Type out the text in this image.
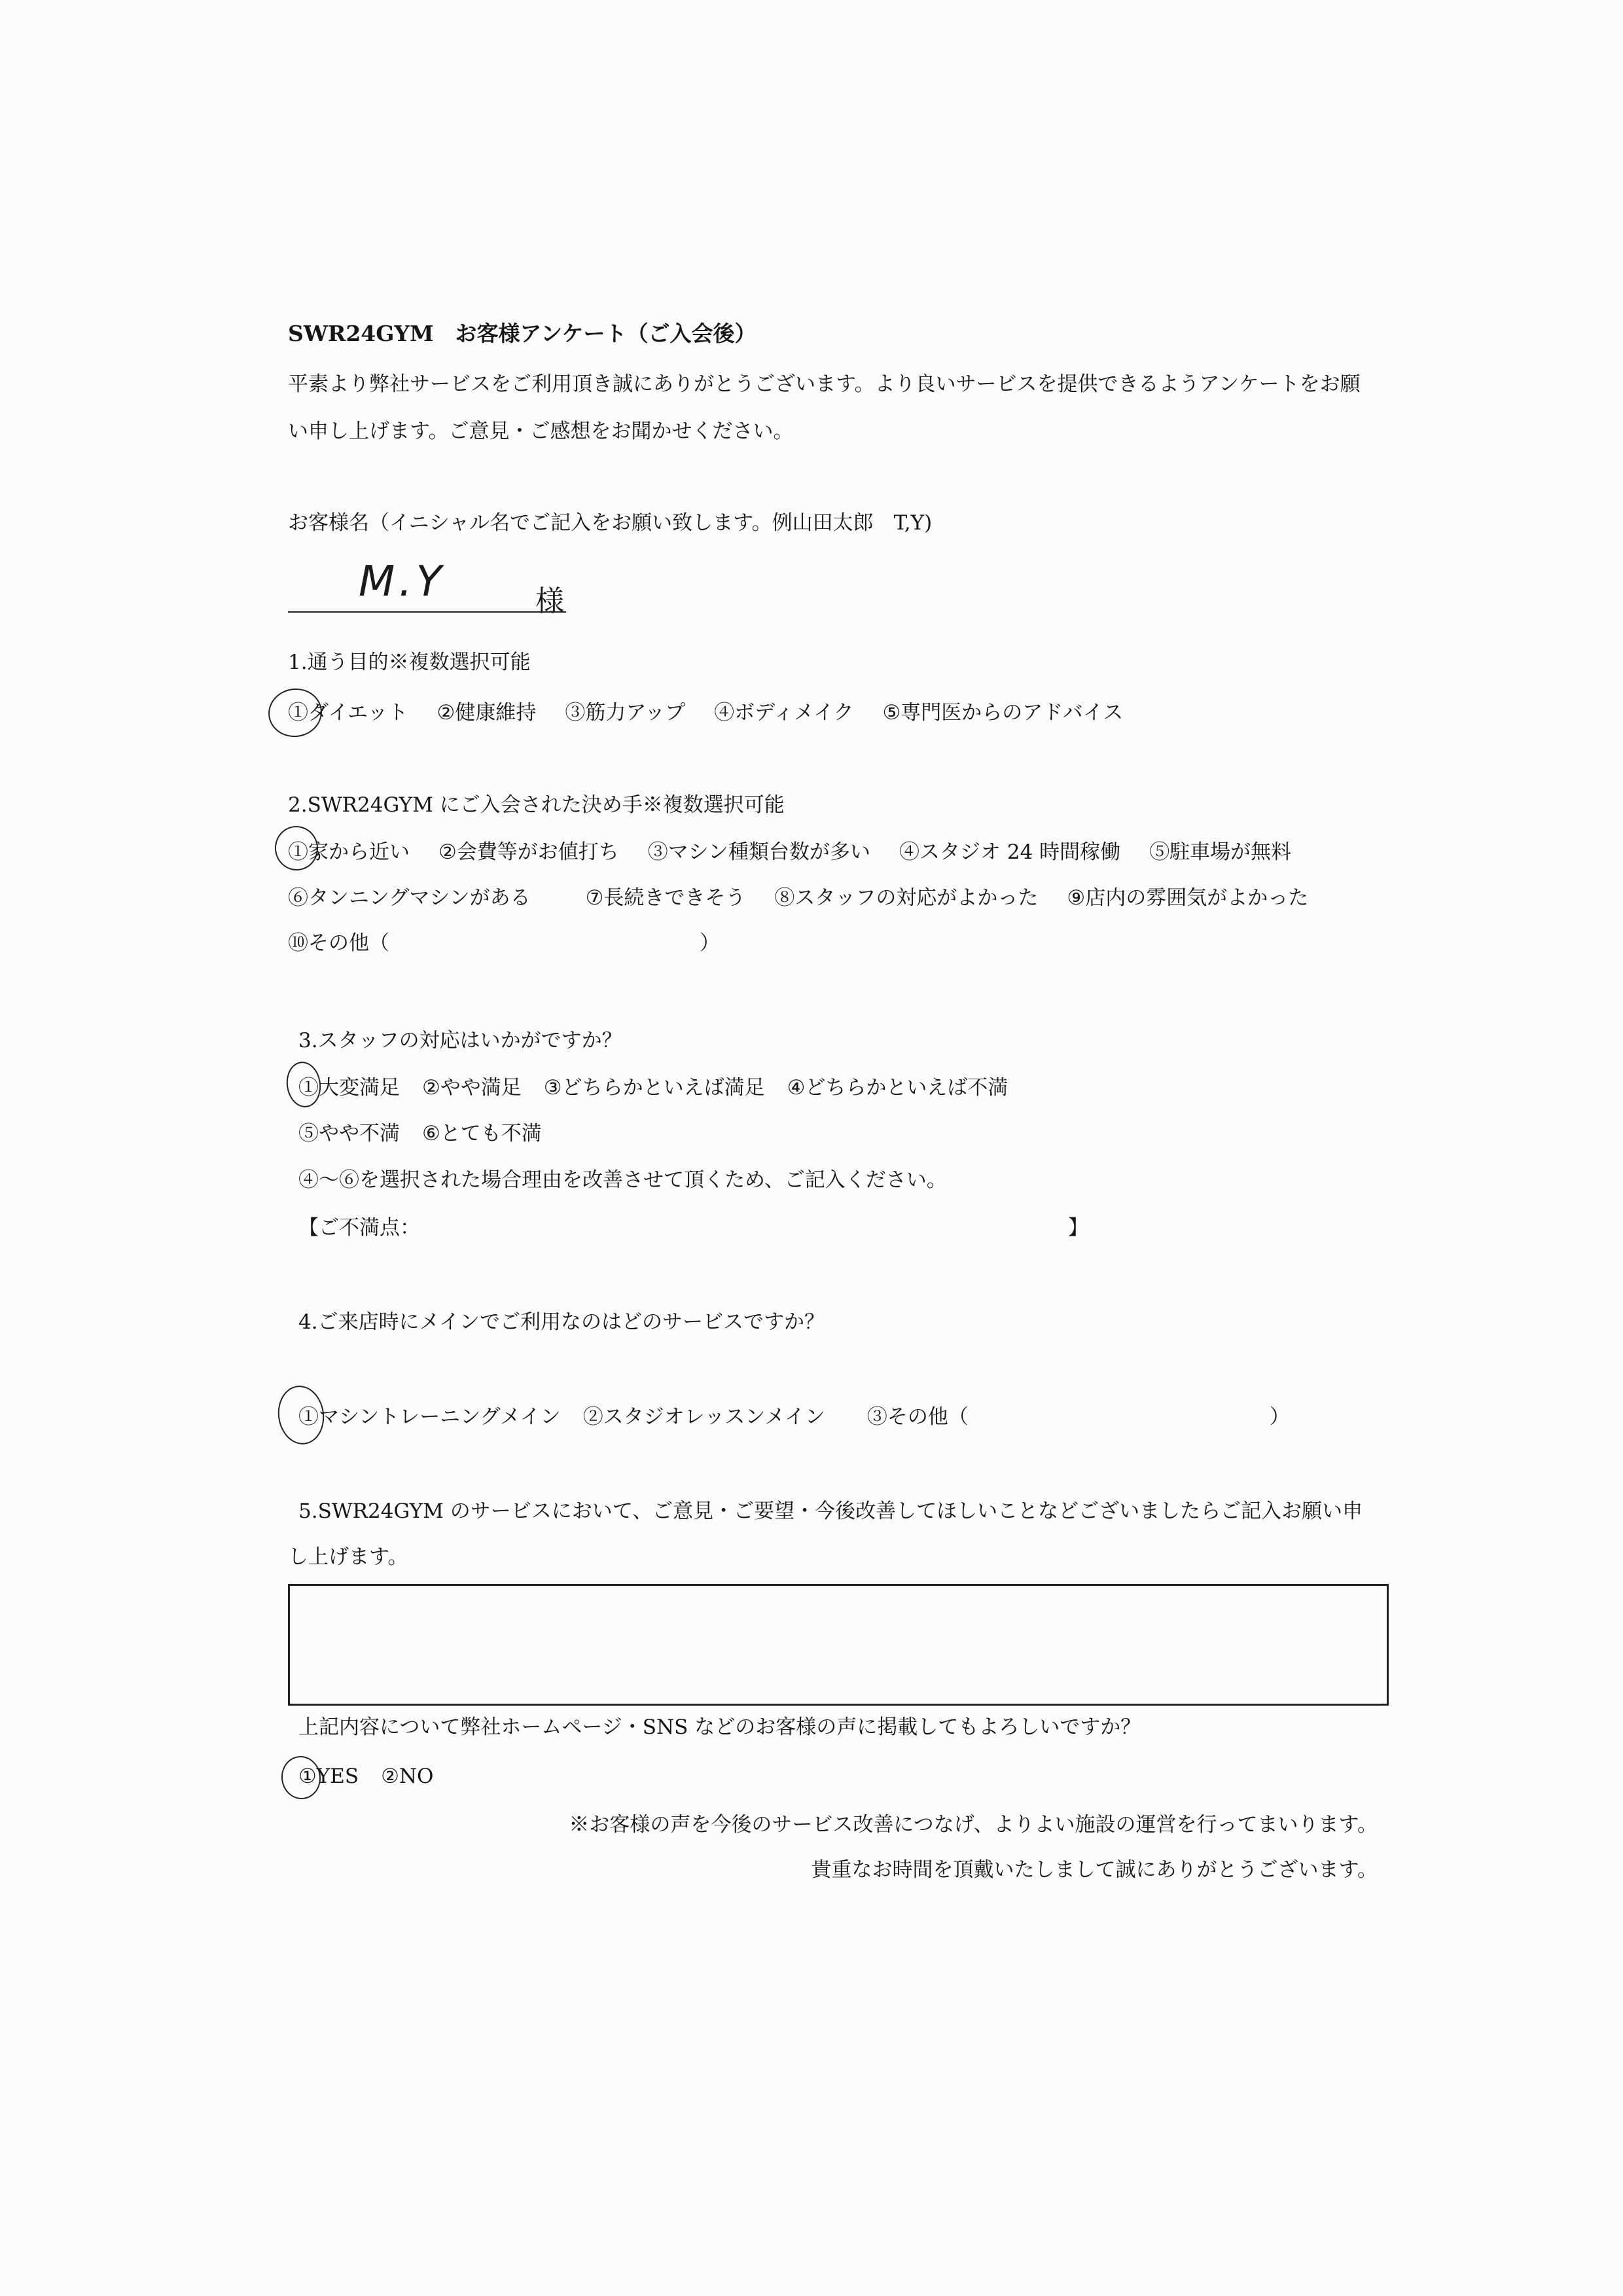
SWR24GYM　お客様アンケート（ご入会後）

平素より弊社サービスをご利用頂き誠にありがとうございます。より良いサービスを提供できるようアンケートをお願

い申し上げます。ご意見・ご感想をお聞かせください。

お客様名（イニシャル名でご記入をお願い致します。例山田太郎　T,Y)

M.Y	様

1.通う目的※複数選択可能

①ダイエット ②健康維持 ③筋力アップ ④ボディメイク ⑤専門医からのアドバイス

2.SWR24GYM にご入会された決め手※複数選択可能

①家から近い ②会費等がお値打ち ③マシン種類台数が多い ④スタジオ 24 時間稼働 ⑤駐車場が無料

⑥タンニングマシンがある	⑦長続きできそう ⑧スタッフの対応がよかった ⑨店内の雰囲気がよかった

⑩その他（	）

3.スタッフの対応はいかがですか？

①大変満足 ②やや満足 ③どちらかといえば満足 ④どちらかといえば不満

⑤やや不満 ⑥とても不満

④～⑥を選択された場合理由を改善させて頂くため、ご記入ください。

【ご不満点：	】

4.ご来店時にメインでご利用なのはどのサービスですか？

①マシントレーニングメイン ②スタジオレッスンメイン ③その他（	）

5.SWR24GYM のサービスにおいて、ご意見・ご要望・今後改善してほしいことなどございましたらご記入お願い申

し上げます。

上記内容について弊社ホームページ・SNS などのお客様の声に掲載してもよろしいですか？

①YES ②NO

※お客様の声を今後のサービス改善につなげ、よりよい施設の運営を行ってまいります。

貴重なお時間を頂戴いたしまして誠にありがとうございます。
